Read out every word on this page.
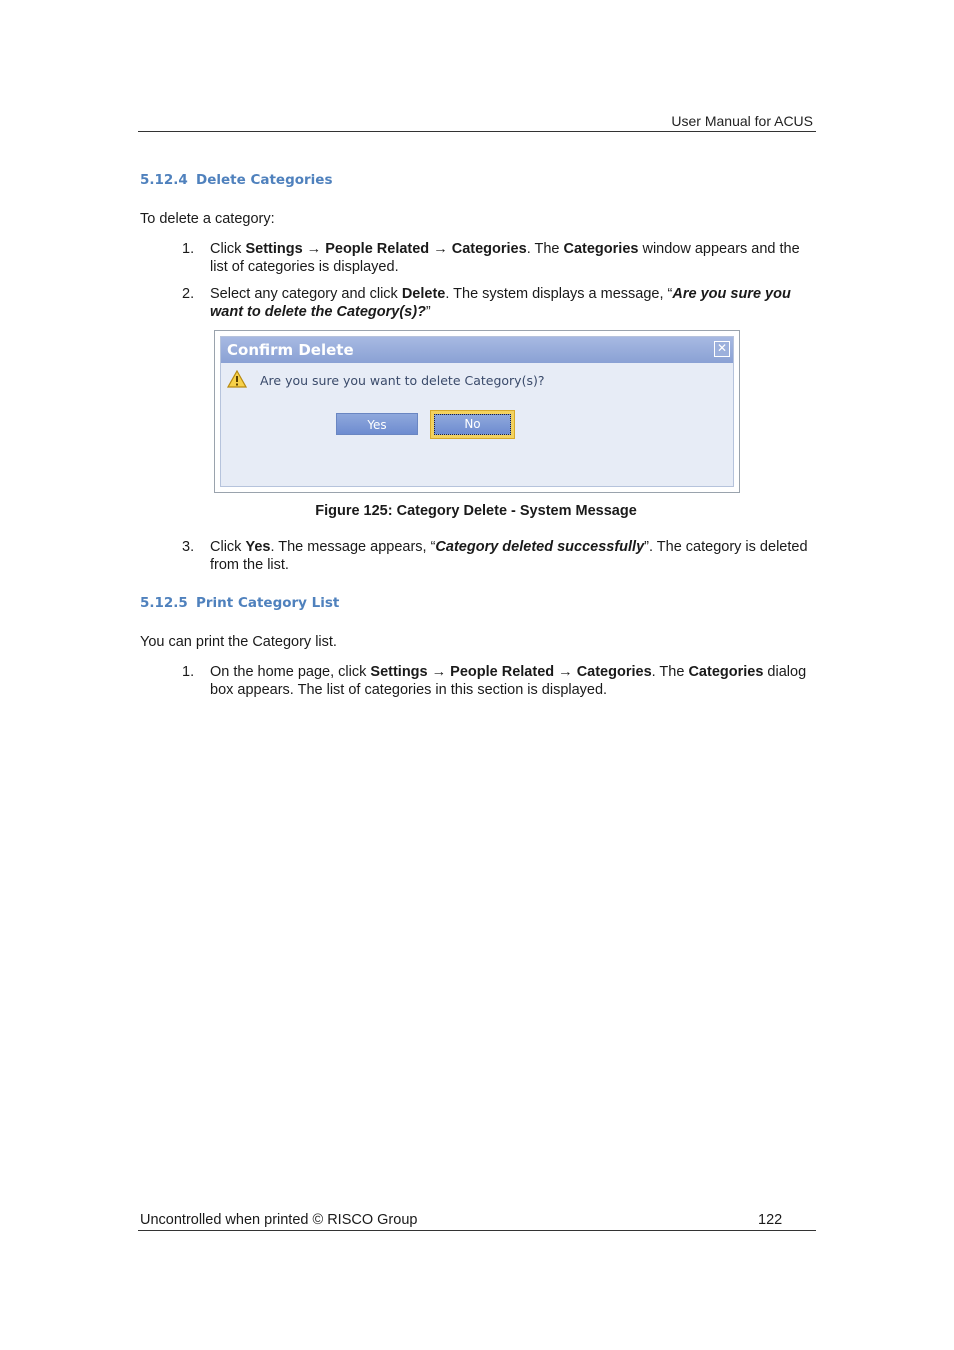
User Manual for ACUS
5.12.4 Delete Categories
To delete a category:
1. Click Settings → People Related → Categories. The Categories window appears and the list of categories is displayed.
2. Select any category and click Delete. The system displays a message, “Are you sure you want to delete the Category(s)?”
Confirm Delete	✕
Are you sure you want to delete Category(s)?
Yes	No
Figure 125: Category Delete - System Message
3. Click Yes. The message appears, “Category deleted successfully”. The category is deleted from the list.
5.12.5 Print Category List
You can print the Category list.
1. On the home page, click Settings → People Related → Categories. The Categories dialog box appears. The list of categories in this section is displayed.
Uncontrolled when printed © RISCO Group	122
